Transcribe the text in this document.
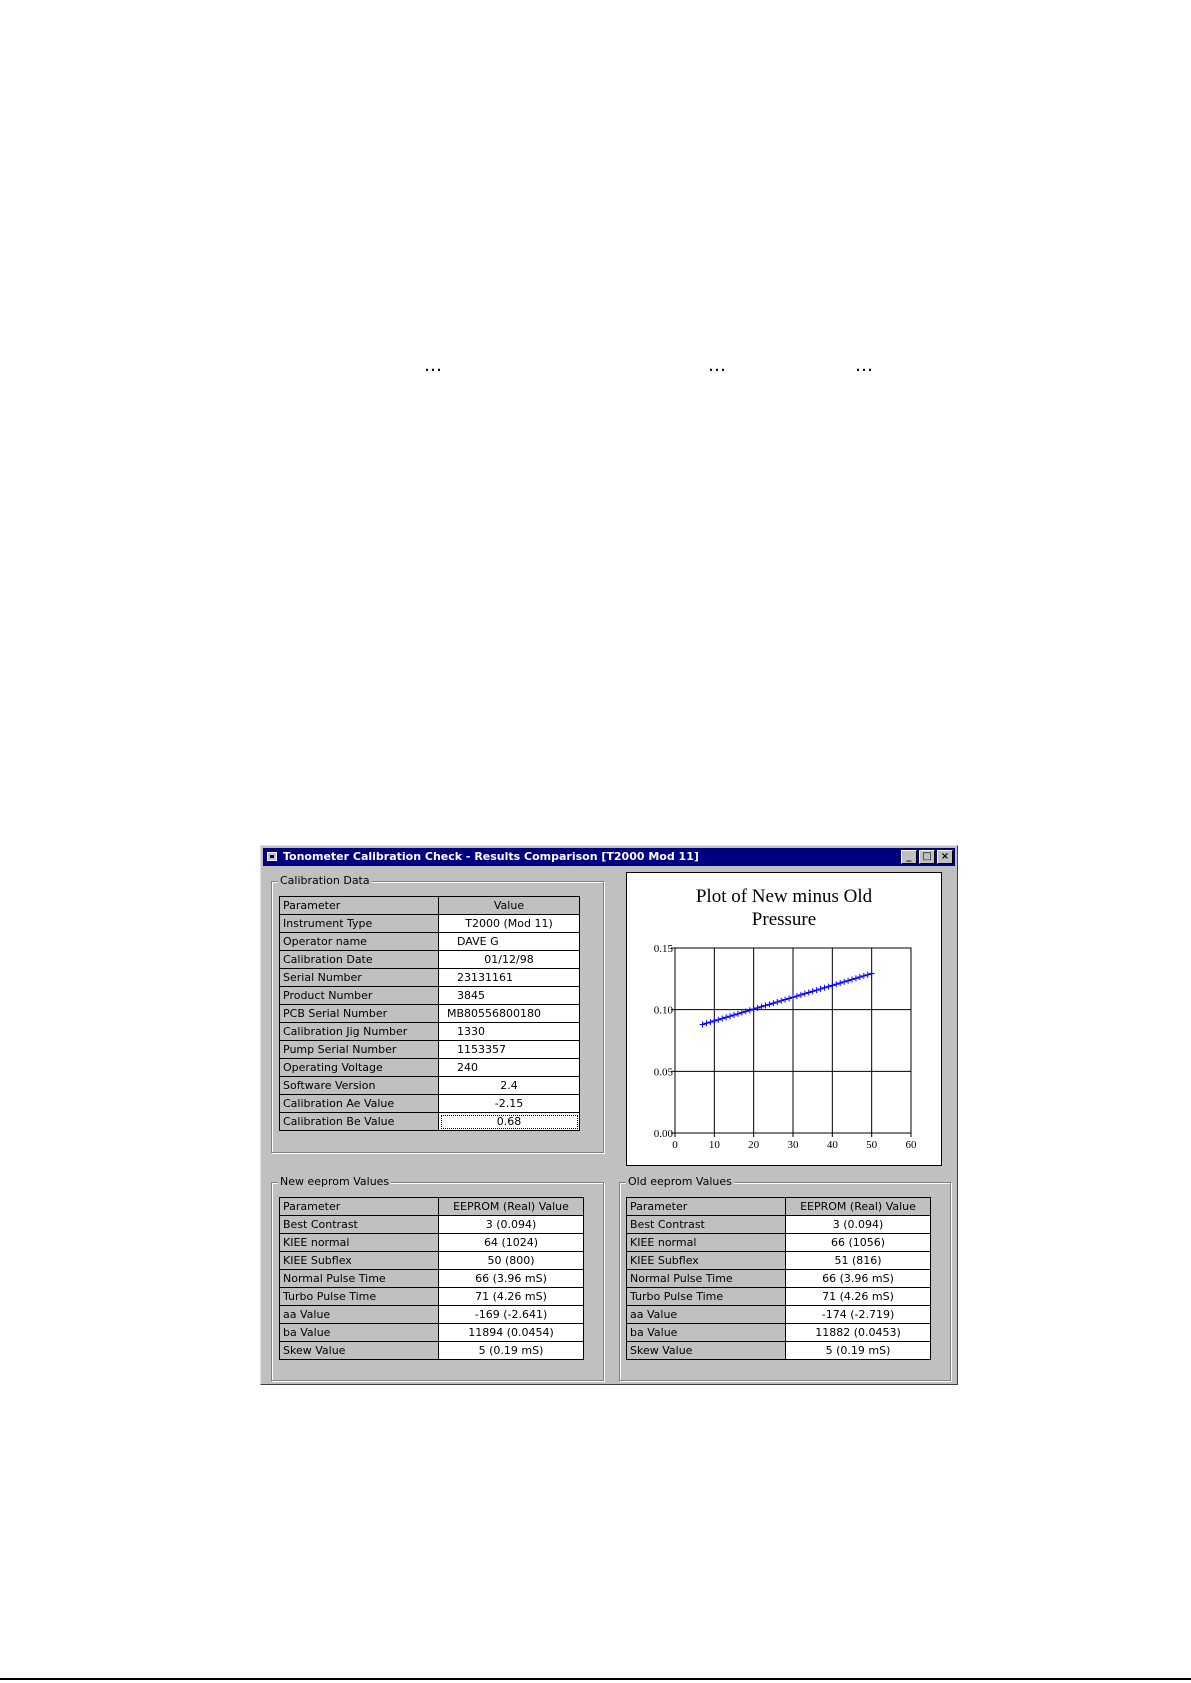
…	…	…
Tonometer Calibration Check - Results Comparison [T2000 Mod 11]	_	□ ×
Calibration Data
Parameter	Value
Instrument Type	T2000 (Mod 11)
Operator name	DAVE G
Calibration Date	01/12/98
Serial Number	23131161
Product Number	3845
PCB Serial Number	MB80556800180
Calibration Jig Number	1330
Pump Serial Number	1153357
Operating Voltage	240
Software Version	2.4
Calibration Ae Value	-2.15
Calibration Be Value	0.68
Plot of New minus Old
Pressure
0	10	20	30	40	50	60
0.00
0.05
0.10
0.15
New eeprom Values
Parameter	EEPROM (Real) Value
Best Contrast	3 (0.094)
KIEE normal	64 (1024)
KIEE Subflex	50 (800)
Normal Pulse Time	66 (3.96 mS)
Turbo Pulse Time	71 (4.26 mS)
aa Value	-169 (-2.641)
ba Value	11894 (0.0454)
Skew Value	5 (0.19 mS)
Old eeprom Values
Parameter	EEPROM (Real) Value
Best Contrast	3 (0.094)
KIEE normal	66 (1056)
KIEE Subflex	51 (816)
Normal Pulse Time	66 (3.96 mS)
Turbo Pulse Time	71 (4.26 mS)
aa Value	-174 (-2.719)
ba Value	11882 (0.0453)
Skew Value	5 (0.19 mS)
